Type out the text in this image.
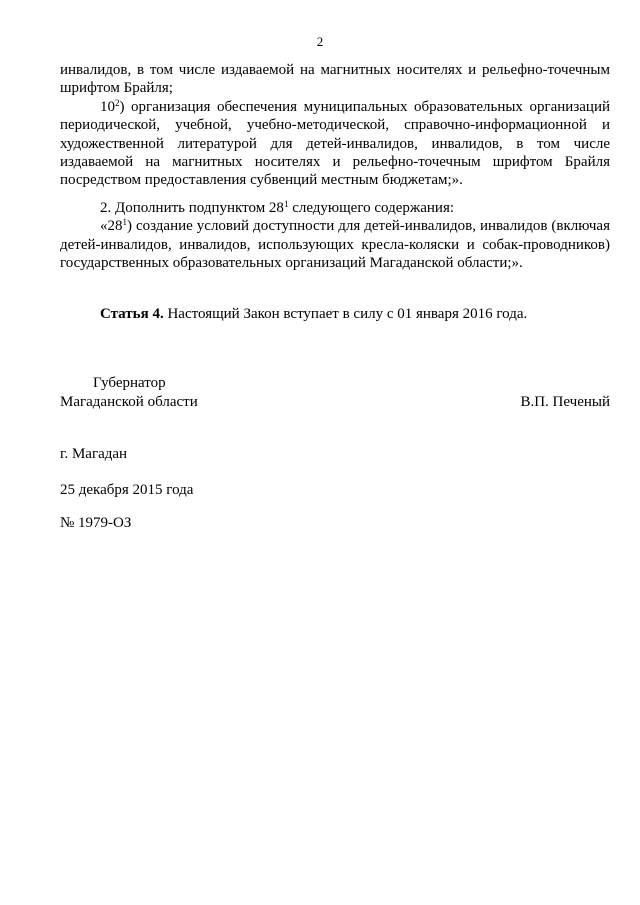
2

инвалидов, в том числе издаваемой на магнитных носителях и рельефно-точечным шрифтом Брайля;

$10^2$) организация обеспечения муниципальных образовательных организаций периодической, учебной, учебно-методической, справочно-информационной и художественной литературой для детей-инвалидов, инвалидов, в том числе издаваемой на магнитных носителях и рельефно-точечным шрифтом Брайля посредством предоставления субвенций местным бюджетам;».

2. Дополнить подпунктом $28^1$ следующего содержания:

«$28^1$) создание условий доступности для детей-инвалидов, инвалидов (включая детей-инвалидов, инвалидов, использующих кресла-коляски и собак-проводников) государственных образовательных организаций Магаданской области;».

Статья 4. Настоящий Закон вступает в силу с 01 января 2016 года.

Губернатор
Магаданской области	В.П. Печеный
г. Магадан
25 декабря 2015 года
№ 1979-ОЗ
